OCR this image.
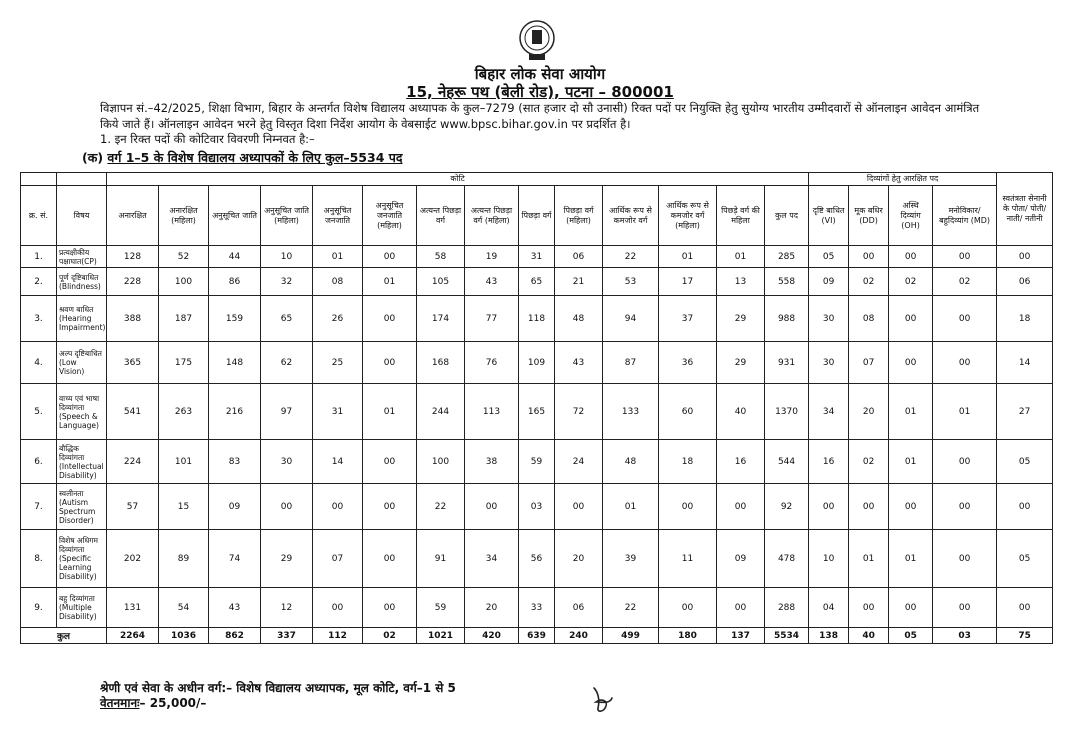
बिहार लोक सेवा आयोग
15, नेहरू पथ (बेली रोड), पटना – 800001
विज्ञापन सं.–42/2025, शिक्षा विभाग, बिहार के अन्तर्गत विशेष विद्यालय अध्यापक के कुल–7279 (सात हजार दो सौ उनासी) रिक्त पदों पर नियुक्ति हेतु सुयोग्य भारतीय उम्मीदवारों से ऑनलाइन आवेदन आमंत्रित किये जाते हैं। ऑनलाइन आवेदन भरने हेतु विस्तृत दिशा निर्देश आयोग के वेबसाईट www.bpsc.bihar.gov.in पर प्रदर्शित है।
1. इन रिक्त पदों की कोटिवार विवरणी निम्नवत है:–
(क) वर्ग 1–5 के विशेष विद्यालय अध्यापकों के लिए कुल–5534 पद
		कोटि														दिव्यांगों हेतु आरक्षित पद				स्वतंत्रता सेनानी के पोता/ पोती/ नाती/ नतीनी
क्र. सं.	विषय	अनारक्षित	अनारक्षित (महिला)	अनुसूचित जाति	अनुसूचित जाति (महिला)	अनुसूचित जनजाति	अनुसूचित जनजाति (महिला)	अत्यन्त पिछड़ा वर्ग	अत्यन्त पिछड़ा वर्ग (महिला)	पिछड़ा वर्ग	पिछड़ा वर्ग (महिला)	आर्थिक रूप से कमजोर वर्ग	आर्थिक रूप से कमजोर वर्ग (महिला)	पिछड़े वर्ग की महिला	कुल पद	दृष्टि बाधित (VI)	मूक बधिर (DD)	अस्थि दिव्यांग (OH)	मनोविकार/ बहुदिव्यांग (MD)	
1.	प्रत्यक्षीकीय पक्षाघात(CP)	128	52	44	10	01	00	58	19	31	06	22	01	01	285	05	00	00	00	00
2.	पूर्ण दृष्टिबाधित (Blindness)	228	100	86	32	08	01	105	43	65	21	53	17	13	558	09	02	02	02	06
3.	श्रवण बाधित (Hearing Impairment)	388	187	159	65	26	00	174	77	118	48	94	37	29	988	30	08	00	00	18
4.	अल्प दृष्टिबाधित (Low Vision)	365	175	148	62	25	00	168	76	109	43	87	36	29	931	30	07	00	00	14
5.	वाच्य एवं भाषा दिव्यांगता (Speech & Language)	541	263	216	97	31	01	244	113	165	72	133	60	40	1370	34	20	01	01	27
6.	बौद्धिक दिव्यांगता (Intellectual Disability)	224	101	83	30	14	00	100	38	59	24	48	18	16	544	16	02	01	00	05
7.	स्वलीनता (Autism Spectrum Disorder)	57	15	09	00	00	00	22	00	03	00	01	00	00	92	00	00	00	00	00
8.	विशेष अधिगम दिव्यांगता (Specific Learning Disability)	202	89	74	29	07	00	91	34	56	20	39	11	09	478	10	01	01	00	05
9.	बहु दिव्यांगता (Multiple Disability)	131	54	43	12	00	00	59	20	33	06	22	00	00	288	04	00	00	00	00
कुल		2264	1036	862	337	112	02	1021	420	639	240	499	180	137	5534	138	40	05	03	75
श्रेणी एवं सेवा के अधीन वर्ग:– विशेष विद्यालय अध्यापक, मूल कोटि, वर्ग–1 से 5
वेतनमानः– 25,000/–
